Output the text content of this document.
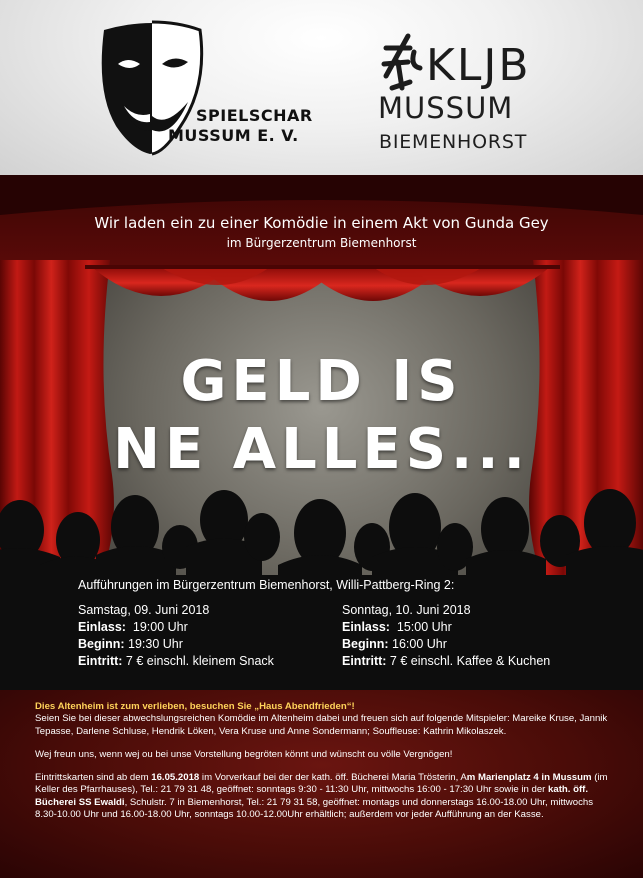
SPIELSCHAR
MUSSUM E. V.
KLJB
MUSSUM
BIEMENHORST
Wir laden ein zu einer Komödie in einem Akt von Gunda Gey
im Bürgerzentrum Biemenhorst
GELD IS
NE ALLES...
Aufführungen im Bürgerzentrum Biemenhorst, Willi-Pattberg-Ring 2:
Samstag, 09. Juni 2018
Einlass: 19:00 Uhr
Beginn: 19:30 Uhr
Eintritt: 7 € einschl. kleinem Snack
Sonntag, 10. Juni 2018
Einlass: 15:00 Uhr
Beginn: 16:00 Uhr
Eintritt: 7 € einschl. Kaffee & Kuchen

Dies Altenheim ist zum verlieben, besuchen Sie „Haus Abendfrieden“!

Seien Sie bei dieser abwechslungsreichen Komödie im Altenheim dabei und freuen sich auf folgende Mitspieler: Mareike Kruse, Jannik Tepasse, Darlene Schluse, Hendrik Löken, Vera Kruse und Anne Sondermann; Souffleuse: Kathrin Mikolaszek.

Wej freun uns, wenn wej ou bei unse Vorstellung begröten könnt und wünscht ou völle Vergnögen!

Eintrittskarten sind ab dem 16.05.2018 im Vorverkauf bei der der kath. öff. Bücherei Maria Trösterin, Am Marienplatz 4 in Mussum (im Keller des Pfarrhauses), Tel.: 21 79 31 48, geöffnet: sonntags 9:30 - 11:30 Uhr, mittwochs 16:00 - 17:30 Uhr sowie in der kath. öff. Bücherei SS Ewaldi, Schulstr. 7 in Biemenhorst, Tel.: 21 79 31 58, geöffnet: montags und donnerstags 16.00-18.00 Uhr, mittwochs 8.30-10.00 Uhr und 16.00-18.00 Uhr, sonntags 10.00-12.00Uhr erhältlich; außerdem vor jeder Aufführung an der Kasse.
